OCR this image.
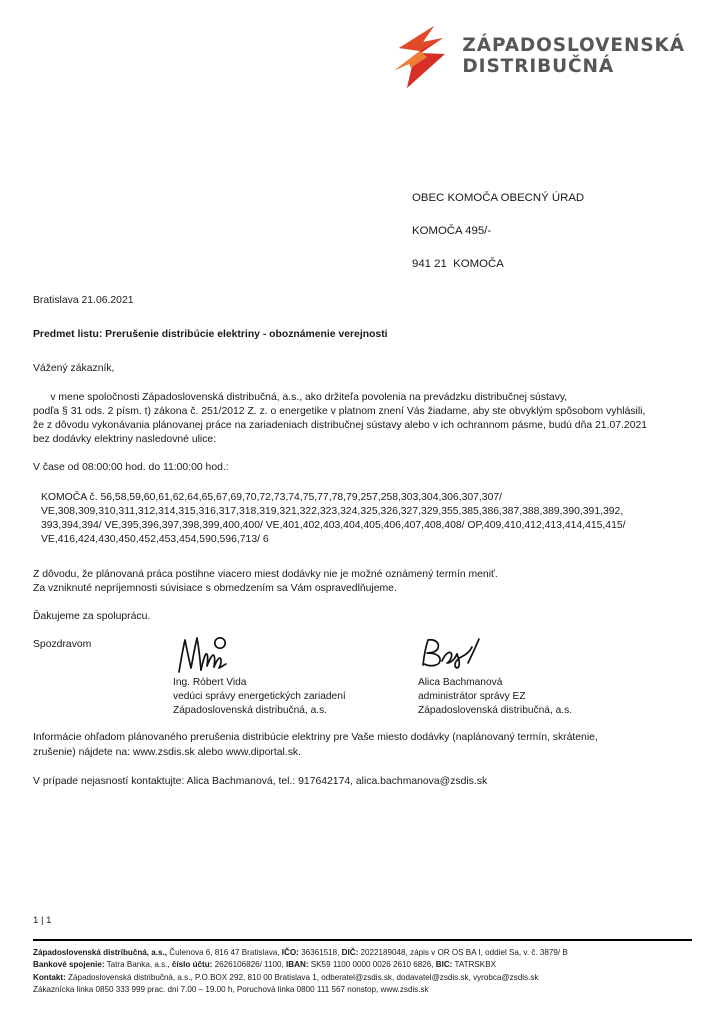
ZÁPADOSLOVENSKÁ
DISTRIBUČNÁ

OBEC KOMOČA OBECNÝ ÚRAD

KOMOČA 495/-

941 21  KOMOČA

Bratislava 21.06.2021
Predmet listu: Prerušenie distribúcie elektriny - oboznámenie verejnosti
Vážený zákazník,
v mene spoločnosti Západoslovenská distribučná, a.s., ako držiteľa povolenia na prevádzku distribučnej sústavy,
podľa § 31 ods. 2 písm. t) zákona č. 251/2012 Z. z. o energetike v platnom znení Vás žiadame, aby ste obvyklým spôsobom vyhlásili,
že z dôvodu vykonávania plánovanej práce na zariadeniach distribučnej sústavy alebo v ich ochrannom pásme, budú dňa 21.07.2021
bez dodávky elektriny nasledovné ulice:
V čase od 08:00:00 hod. do 11:00:00 hod.:
KOMOČA č. 56,58,59,60,61,62,64,65,67,69,70,72,73,74,75,77,78,79,257,258,303,304,306,307,307/
VE,308,309,310,311,312,314,315,316,317,318,319,321,322,323,324,325,326,327,329,355,385,386,387,388,389,390,391,392,
393,394,394/ VE,395,396,397,398,399,400,400/ VE,401,402,403,404,405,406,407,408,408/ OP,409,410,412,413,414,415,415/
VE,416,424,430,450,452,453,454,590,596,713/ 6
Z dôvodu, že plánovaná práca postihne viacero miest dodávky nie je možné oznámený termín meniť.
Za vzniknuté nepríjemnosti súvisiace s obmedzením sa Vám ospravedlňujeme.
Ďakujeme za spoluprácu.
Spozdravom
Ing. Róbert Vida
vedúci správy energetických zariadení
Západoslovenská distribučná, a.s.
Alica Bachmanová
administrátor správy EZ
Západoslovenská distribučná, a.s.
Informácie ohľadom plánovaného prerušenia distribúcie elektriny pre Vaše miesto dodávky (naplánovaný termín, skrátenie,
zrušenie) nájdete na: www.zsdis.sk alebo www.diportal.sk.
V prípade nejasností kontaktujte: Alica Bachmanová, tel.: 917642174, alica.bachmanova@zsdis.sk
1 | 1
Západoslovenská distribučná, a.s., Čulenova 6, 816 47 Bratislava, IČO: 36361518, DIČ: 2022189048, zápis v OR OS BA I, oddiel Sa, v. č. 3879/ B
Bankové spojenie: Tatra Banka, a.s., číslo účtu: 2626106826/ 1100, IBAN: SK59 1100 0000 0026 2610 6826, BIC: TATRSKBX
Kontakt: Západoslovenská distribučná, a.s., P.O.BOX 292, 810 00 Bratislava 1, odberatel@zsdis.sk, dodavatel@zsdis.sk, vyrobca@zsdis.sk
Zákaznícka linka 0850 333 999 prac. dni 7.00 – 19.00 h, Poruchová linka 0800 111 567 nonstop, www.zsdis.sk
